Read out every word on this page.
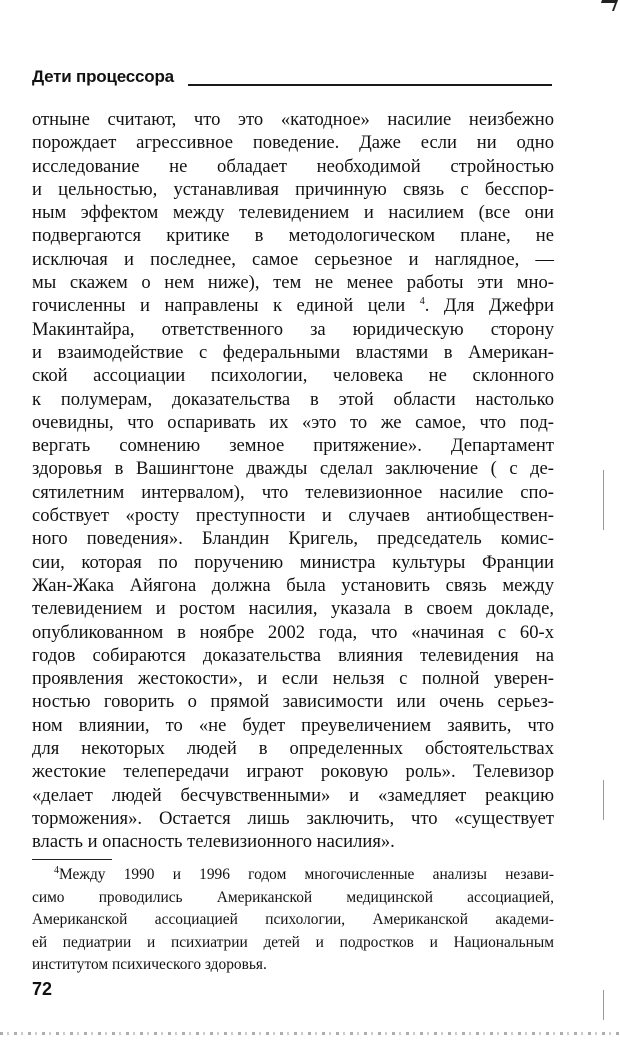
Дети процессора
отныне считают, что это «катодное» насилие неизбежно
порождает агрессивное поведение. Даже если ни одно
исследование не обладает необходимой стройностью
и цельностью, устанавливая причинную связь с бесспор-
ным эффектом между телевидением и насилием (все они
подвергаются критике в методологическом плане, не
исключая и последнее, самое серьезное и наглядное, —
мы скажем о нем ниже), тем не менее работы эти мно-
гочисленны и направлены к единой цели $^4$. Для Джефри
Макинтайра, ответственного за юридическую сторону
и взаимодействие с федеральными властями в Американ-
ской ассоциации психологии, человека не склонного
к полумерам, доказательства в этой области настолько
очевидны, что оспаривать их «это то же самое, что под-
вергать сомнению земное притяжение». Департамент
здоровья в Вашингтоне дважды сделал заключение ( с де-
сятилетним интервалом), что телевизионное насилие спо-
собствует «росту преступности и случаев антиобществен-
ного поведения». Бландин Кригель, председатель комис-
сии, которая по поручению министра культуры Франции
Жан-Жака Айягона должна была установить связь между
телевидением и ростом насилия, указала в своем докладе,
опубликованном в ноябре 2002 года, что «начиная с 60-х
годов собираются доказательства влияния телевидения на
проявления жестокости», и если нельзя с полной уверен-
ностью говорить о прямой зависимости или очень серьез-
ном влиянии, то «не будет преувеличением заявить, что
для некоторых людей в определенных обстоятельствах
жестокие телепередачи играют роковую роль». Телевизор
«делает людей бесчувственными» и «замедляет реакцию
торможения». Остается лишь заключить, что «существует
власть и опасность телевизионного насилия».
$^4$Между 1990 и 1996 годом многочисленные анализы незави-
симо проводились Американской медицинской ассоциацией,
Американской ассоциацией психологии, Американской академи-
ей педиатрии и психиатрии детей и подростков и Национальным
институтом психического здоровья.
72
